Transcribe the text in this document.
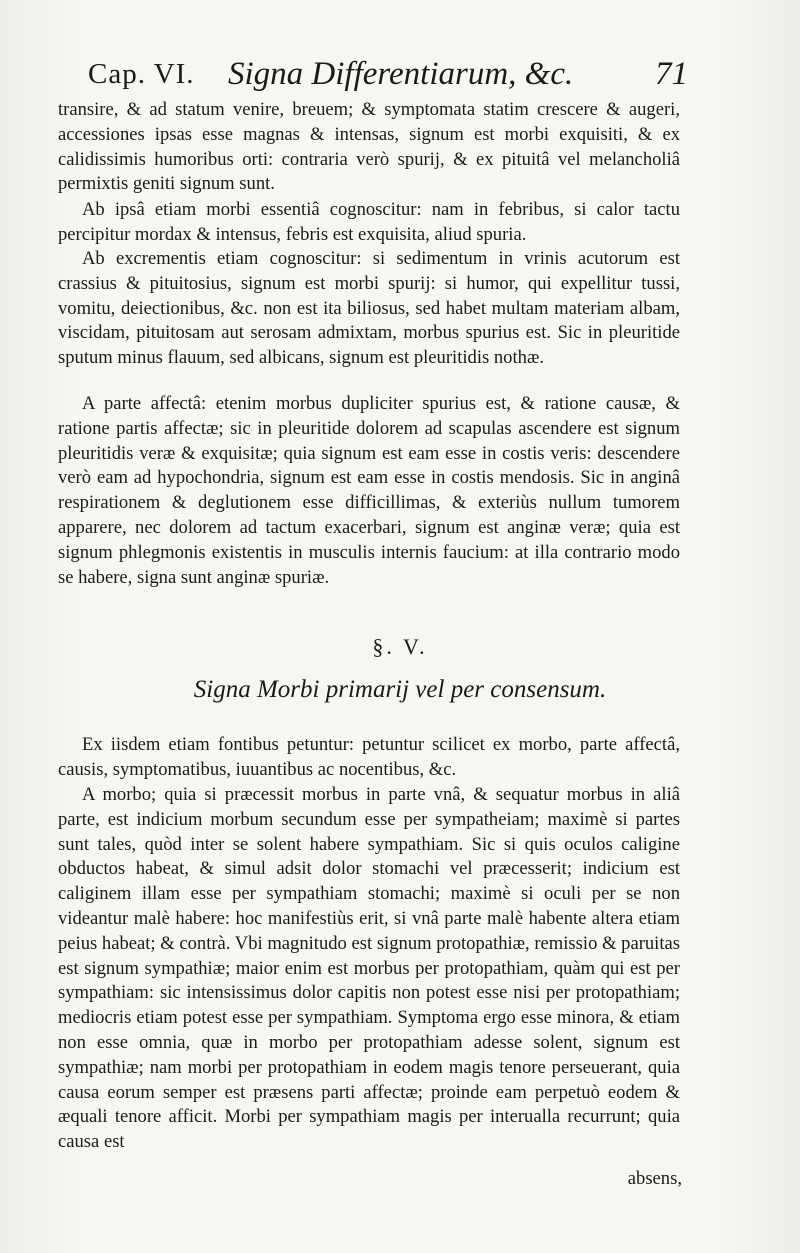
Cap. VI. Signa Differentiarum, &c. 71

transire, & ad statum venire, breuem; & symptomata statim crescere & augeri, accessiones ipsas esse magnas & intensas, signum est morbi exquisiti, & ex calidissimis humoribus orti: contraria verò spurij, & ex pituitâ vel melancholiâ permixtis geniti signum sunt.

Ab ipsâ etiam morbi essentiâ cognoscitur: nam in febribus, si calor tactu percipitur mordax & intensus, febris est exquisita, aliud spuria.

Ab excrementis etiam cognoscitur: si sedimentum in vrinis acutorum est crassius & pituitosius, signum est morbi spurij: si humor, qui expellitur tussi, vomitu, deiectionibus, &c. non est ita biliosus, sed habet multam materiam albam, viscidam, pituitosam aut serosam admixtam, morbus spurius est. Sic in pleuritide sputum minus flauum, sed albicans, signum est pleuritidis nothæ.

A parte affectâ: etenim morbus dupliciter spurius est, & ratione causæ, & ratione partis affectæ; sic in pleuritide dolorem ad scapulas ascendere est signum pleuritidis veræ & exquisitæ; quia signum est eam esse in costis veris: descendere verò eam ad hypochondria, signum est eam esse in costis mendosis. Sic in anginâ respirationem & deglutionem esse difficillimas, & exteriùs nullum tumorem apparere, nec dolorem ad tactum exacerbari, signum est anginæ veræ; quia est signum phlegmonis existentis in musculis internis faucium: at illa contrario modo se habere, signa sunt anginæ spuriæ.

§. V.
Signa Morbi primarij vel per consensum.

Ex iisdem etiam fontibus petuntur: petuntur scilicet ex morbo, parte affectâ, causis, symptomatibus, iuuantibus ac nocentibus, &c.

A morbo; quia si præcessit morbus in parte vnâ, & sequatur morbus in aliâ parte, est indicium morbum secundum esse per sympatheiam; maximè si partes sunt tales, quòd inter se solent habere sympathiam. Sic si quis oculos caligine obductos habeat, & simul adsit dolor stomachi vel præcesserit; indicium est caliginem illam esse per sympathiam stomachi; maximè si oculi per se non videantur malè habere: hoc manifestiùs erit, si vnâ parte malè habente altera etiam peius habeat; & contrà. Vbi magnitudo est signum protopathiæ, remissio & paruitas est signum sympathiæ; maior enim est morbus per protopathiam, quàm qui est per sympathiam: sic intensissimus dolor capitis non potest esse nisi per protopathiam; mediocris etiam potest esse per sympathiam. Symptoma ergo esse minora, & etiam non esse omnia, quæ in morbo per protopathiam adesse solent, signum est sympathiæ; nam morbi per protopathiam in eodem magis tenore perseuerant, quia causa eorum semper est præsens parti affectæ; proinde eam perpetuò eodem & æquali tenore afficit. Morbi per sympathiam magis per interualla recurrunt; quia causa est

absens,
